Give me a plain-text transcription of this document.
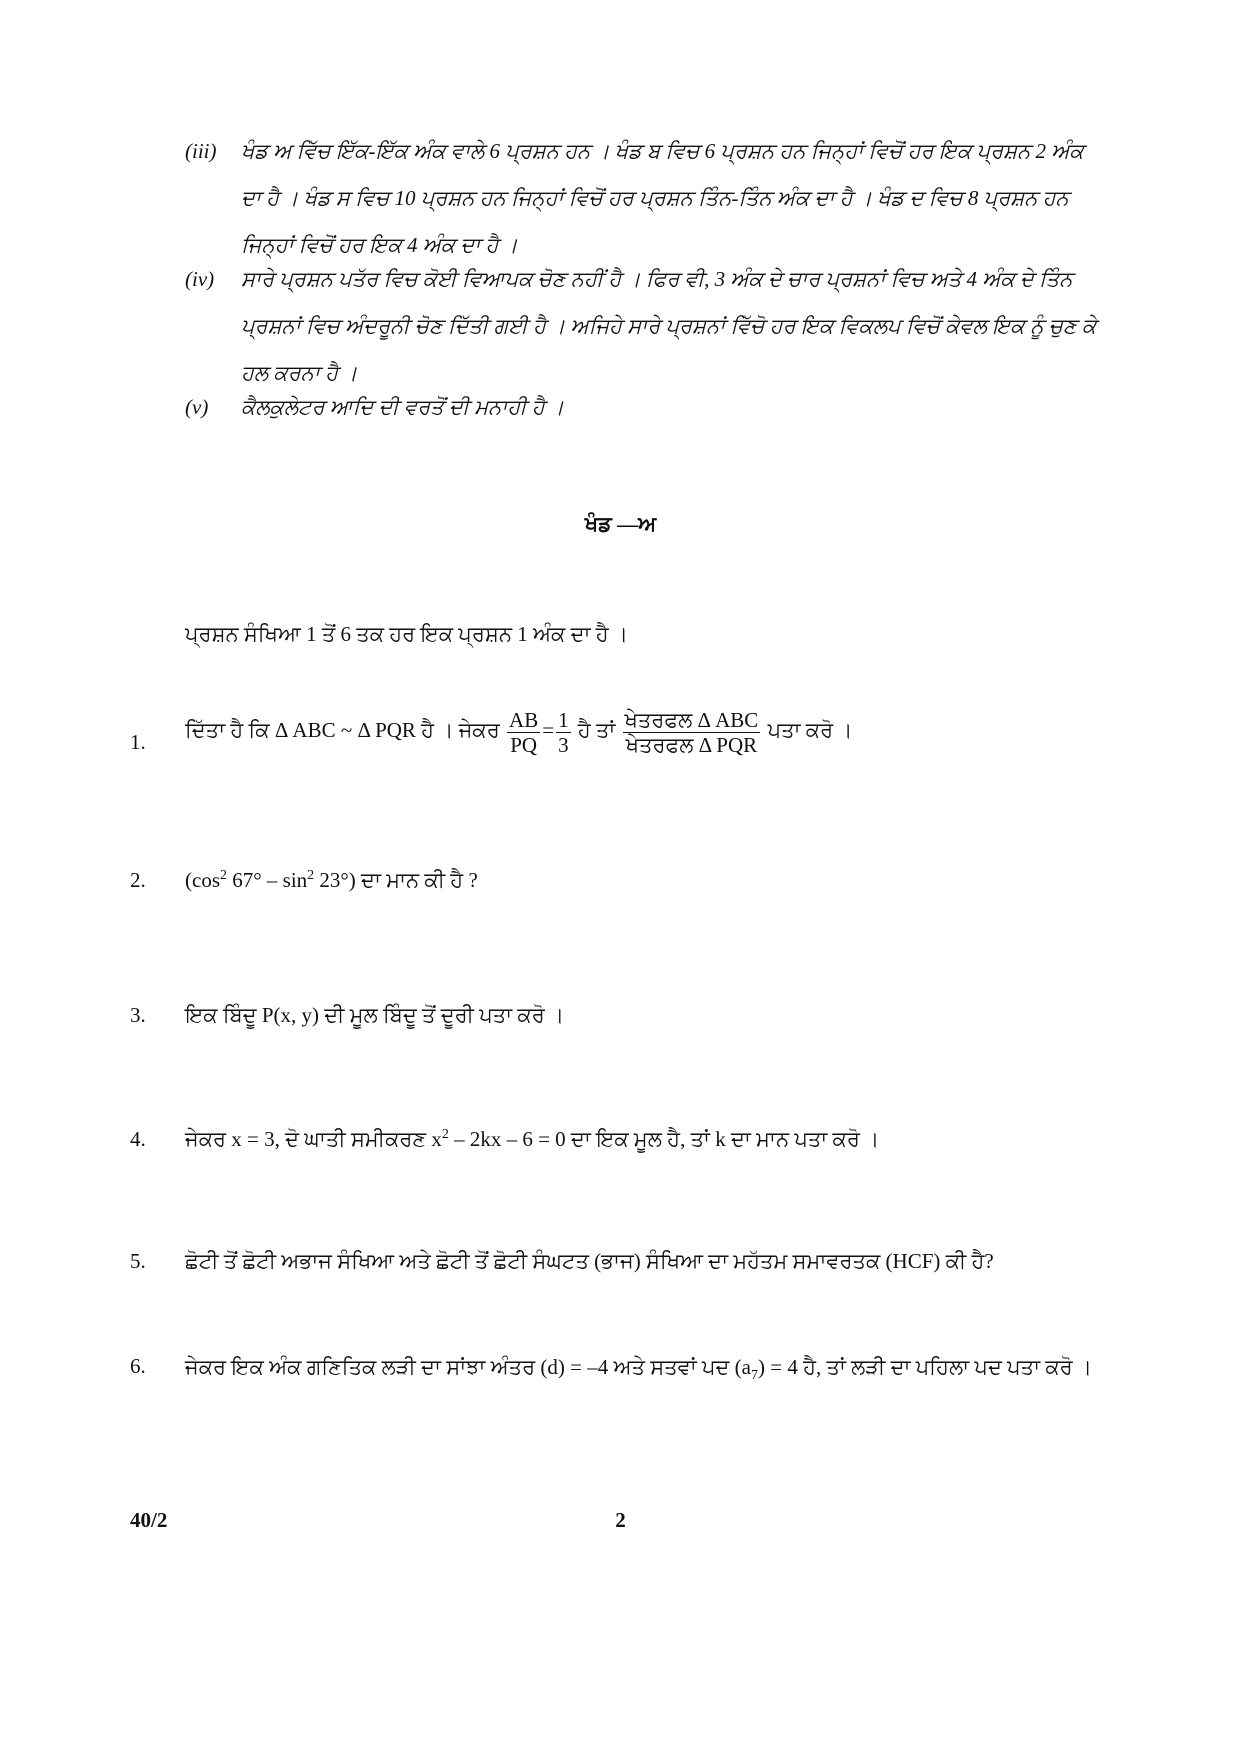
(iii)	ਖੰਡ ਅ ਵਿੱਚ ਇੱਕ-ਇੱਕ ਅੰਕ ਵਾਲੇ 6 ਪ੍ਰਸ਼ਨ ਹਨ । ਖੰਡ ਬ ਵਿਚ 6 ਪ੍ਰਸ਼ਨ ਹਨ ਜਿਨ੍ਹਾਂ ਵਿਚੋਂ ਹਰ ਇਕ ਪ੍ਰਸ਼ਨ 2 ਅੰਕ ਦਾ ਹੈ । ਖੰਡ ਸ ਵਿਚ 10 ਪ੍ਰਸ਼ਨ ਹਨ ਜਿਨ੍ਹਾਂ ਵਿਚੋਂ ਹਰ ਪ੍ਰਸ਼ਨ ਤਿੰਨ-ਤਿੰਨ ਅੰਕ ਦਾ ਹੈ । ਖੰਡ ਦ ਵਿਚ 8 ਪ੍ਰਸ਼ਨ ਹਨ ਜਿਨ੍ਹਾਂ ਵਿਚੋਂ ਹਰ ਇਕ 4 ਅੰਕ ਦਾ ਹੈ ।
(iv)	ਸਾਰੇ ਪ੍ਰਸ਼ਨ ਪਤੱਰ ਵਿਚ ਕੋਈ ਵਿਆਪਕ ਚੋਣ ਨਹੀਂ ਹੈ । ਫਿਰ ਵੀ, 3 ਅੰਕ ਦੇ ਚਾਰ ਪ੍ਰਸ਼ਨਾਂ ਵਿਚ ਅਤੇ 4 ਅੰਕ ਦੇ ਤਿੰਨ ਪ੍ਰਸ਼ਨਾਂ ਵਿਚ ਅੰਦਰੂਨੀ ਚੋਣ ਦਿੱਤੀ ਗਈ ਹੈ । ਅਜਿਹੇ ਸਾਰੇ ਪ੍ਰਸ਼ਨਾਂ ਵਿੱਚੋ ਹਰ ਇਕ ਵਿਕਲਪ ਵਿਚੋਂ ਕੇਵਲ ਇਕ ਨੂੰ ਚੁਣ ਕੇ ਹਲ ਕਰਨਾ ਹੈ ।
(v)	ਕੈਲਕੁਲੇਟਰ ਆਦਿ ਦੀ ਵਰਤੋਂ ਦੀ ਮਨਾਹੀ ਹੈ ।
ਖੰਡ —ਅ
ਪ੍ਰਸ਼ਨ ਸੰਖਿਆ 1 ਤੋਂ 6 ਤਕ ਹਰ ਇਕ ਪ੍ਰਸ਼ਨ 1 ਅੰਕ ਦਾ ਹੈ ।
1.	ਦਿੱਤਾ ਹੈ ਕਿ Δ ABC ~ Δ PQR ਹੈ । ਜੇਕਰ $\frac{AB}{PQ} = \frac{1}{3}$ ਹੈ ਤਾਂ $\frac{\text{ਖੇਤਰਫਲ Δ ABC}}{\text{ਖੇਤਰਫਲ Δ PQR}}$ ਪਤਾ ਕਰੋ ।
2.	($\cos^2$ $67^\circ - \sin^2 23^\circ$) ਦਾ ਮਾਨ ਕੀ ਹੈ ?
3.	ਇਕ ਬਿੰਦੂ P(x, y) ਦੀ ਮੂਲ ਬਿੰਦੂ ਤੋਂ ਦੂਰੀ ਪਤਾ ਕਰੋ ।
4.	ਜੇਕਰ x = 3, ਦੋ ਘਾਤੀ ਸਮੀਕਰਣ $x^2 - 2kx - 6 = 0$ ਦਾ ਇਕ ਮੂਲ ਹੈ, ਤਾਂ k ਦਾ ਮਾਨ ਪਤਾ ਕਰੋ ।
5.	ਛੋਟੀ ਤੋਂ ਛੋਟੀ ਅਭਾਜ ਸੰਖਿਆ ਅਤੇ ਛੋਟੀ ਤੋਂ ਛੋਟੀ ਸੰਘਟਤ (ਭਾਜ) ਸੰਖਿਆ ਦਾ ਮਹੱਤਮ ਸਮਾਵਰਤਕ (HCF) ਕੀ ਹੈ?
6.	ਜੇਕਰ ਇਕ ਅੰਕ ਗਣਿਤਿਕ ਲੜੀ ਦਾ ਸਾਂਝਾ ਅੰਤਰ (d) = –4 ਅਤੇ ਸਤਵਾਂ ਪਦ $(a_7) = 4$ ਹੈ, ਤਾਂ ਲੜੀ ਦਾ ਪਹਿਲਾ ਪਦ ਪਤਾ ਕਰੋ ।
40/2	2
